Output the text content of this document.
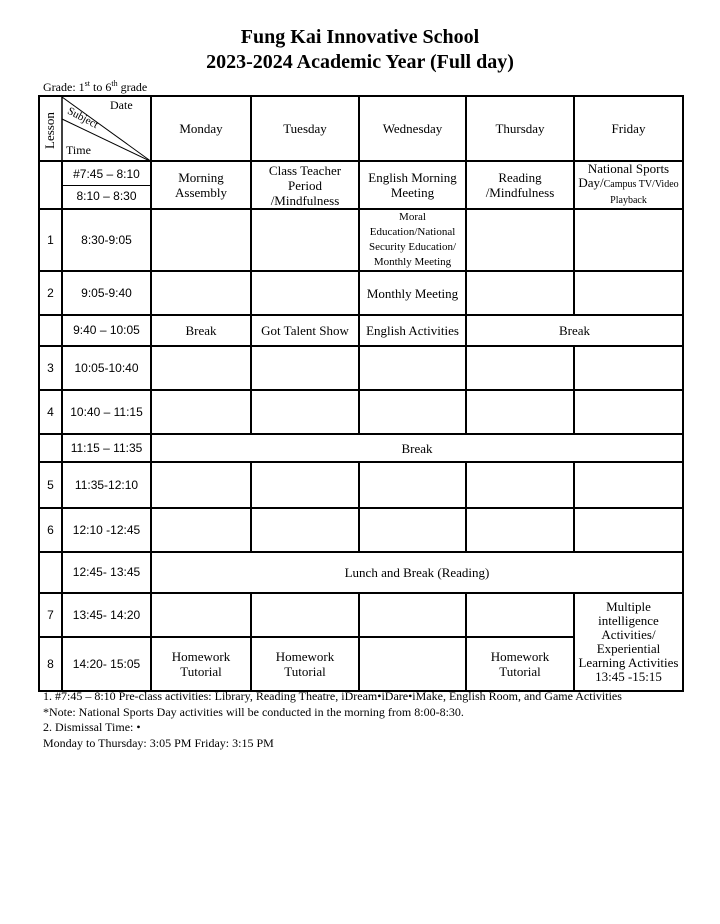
Fung Kai Innovative School
2023-2024 Academic Year (Full day)
Grade: 1st to 6th grade
Lesson
Date
Subject
Time		Monday	Tuesday	Wednesday	Thursday	Friday

	#7:45 – 8:10
8:10 – 8:30	Morning Assembly	Class Teacher Period /Mindfulness	English Morning Meeting	Reading /Mindfulness	National Sports Day/Campus TV/Video Playback
1	8:30-9:05			Moral Education/National Security Education/ Monthly Meeting		
2	9:05-9:40			Monthly Meeting		
	9:40 – 10:05	Break	Got Talent Show	English Activities	Break	
3	10:05-10:40					
4	10:40 – 11:15					
	11:15 – 11:35	Break				
5	11:35-12:10					
6	12:10 -12:45					
	12:45- 13:45	Lunch and Break (Reading)				
7	13:45- 14:20					Multiple intelligence Activities/ Experiential Learning Activities 13:45 -15:15
8	14:20- 15:05	Homework Tutorial	Homework Tutorial		Homework Tutorial	
1. #7:45 – 8:10 Pre-class activities: Library, Reading Theatre, iDream•iDare•iMake, English Room, and Game Activities
*Note: National Sports Day activities will be conducted in the morning from 8:00-8:30.
2. Dismissal Time: •
Monday to Thursday: 3:05 PM Friday: 3:15 PM
